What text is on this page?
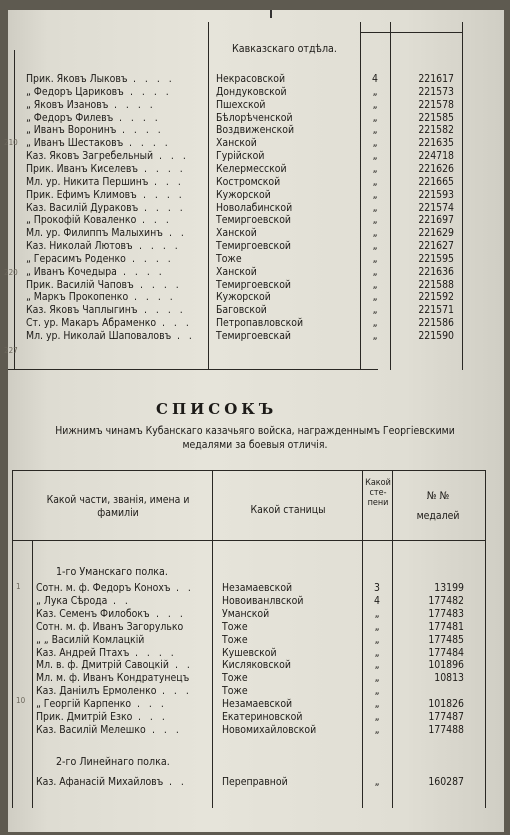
Кавказскаго отдѣла.
Прик. Яковъ Лыковъ . . . .	Некрасовской	4	221617
„ Федоръ Цариковъ . . . .	Дондуковской	„	221573
„ Яковъ Изановъ . . . .	Пшехской	„	221578
„ Федоръ Филевъ . . . .	Бѣлорѣченской	„	221585
„ Иванъ Воронинъ . . . .	Воздвиженской	„	221582
„ Иванъ Шестаковъ . . . .	Ханской	„	221635
Каз. Яковъ Загребельный . . .	Гурійской	„	224718
Прик. Иванъ Киселевъ . . . .	Келермесской	„	221626
Мл. ур. Никита Першинъ . . .	Костромской	„	221665
Прик. Ефимъ Климовъ . . . .	Кужорской	„	221593
Каз. Василій Дураковъ . . . .	Новолабинской	„	221574
„ Прокофій Коваленко . . .	Темиргоевской	„	221697
Мл. ур. Филиппъ Малыхинъ . .	Ханской	„	221629
Каз. Николай Лютовъ . . . .	Темиргоевской	„	221627
„ Герасимъ Роденко . . . .	Тоже	„	221595
„ Иванъ Кочедыра . . . .	Ханской	„	221636
Прик. Василій Чаповъ . . . .	Темиргоевской	„	221588
„ Маркъ Прокопенко . . . .	Кужорской	„	221592
Каз. Яковъ Чаплыгинъ . . . .	Баговской	„	221571
Ст. ур. Макаръ Абраменко . . . Петропавловской	„	221586
Мл. ур. Николай Шаповаловъ . . Темиргоевскай	„	221590
210
220
227
СПИСОКЪ
Нижнимъ чинамъ Кубанскаго казачьяго войска, награжденнымъ Георгіевскими
медалями за боевыя отличія.
Какой части, званія, имена и фамиліи	Какой станицы
Какой сте- пени
№ №
медалей
1-го Уманскаго полка.
Сотн. м. ф. Федоръ Конохъ . .	Незамаевской	3	13199
„ Лука Сѣрода . .	Новоиванлвской	4	177482
Каз. Семенъ Филобокъ . . .	Уманской	„	177483
Сотн. м. ф. Иванъ Загорулько	Тоже	„	177481
„ „ Василій Комлацкій	Тоже	„	177485
Каз. Андрей Птахъ . . . .	Кушевской	„	177484
Мл. в. ф. Дмитрій Савоцкій . .	Кисляковской	„	101896
Мл. м. ф. Иванъ Кондратунецъ	Тоже	„	10813
Каз. Даніилъ Ермоленко . . .	Тоже	„
„ Георгій Карпенко . . .	Незамаевской	„	101826
Прик. Дмитрій Езко . . .	Екатериновской	„	177487
Каз. Василій Мелешко . . .	Новомихайловской	„	177488
2-го Линейнаго полка.
Каз. Афанасій Михайловъ . .	Переправной	„	160287
1
10
